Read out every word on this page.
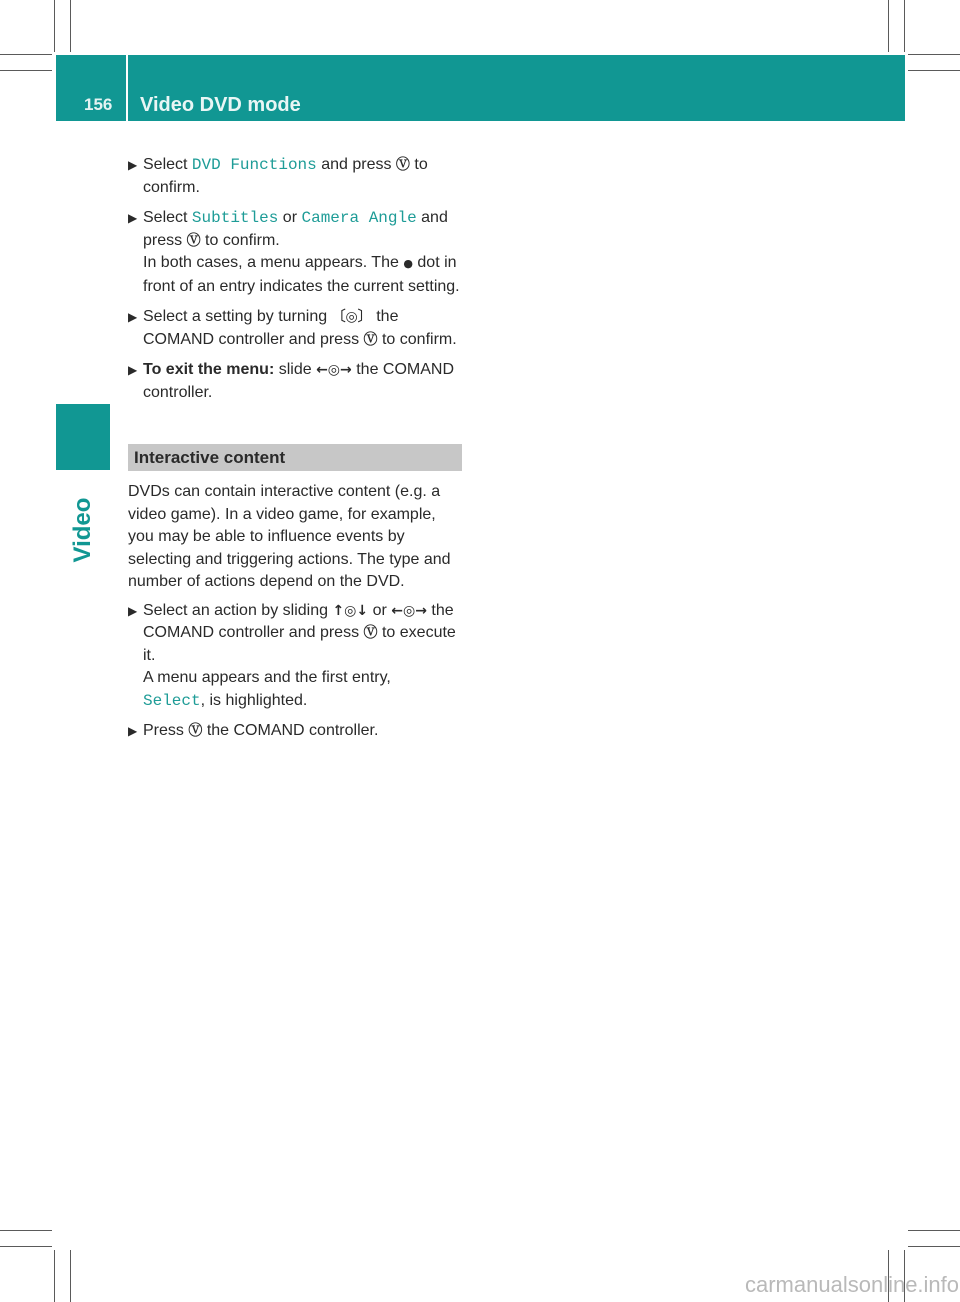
156	Video DVD mode
Video
▶ Select DVD Functions and press Ⓥ to confirm.
▶ Select Subtitles or Camera Angle and press Ⓥ to confirm.
In both cases, a menu appears. The ● dot in front of an entry indicates the current setting.
▶ Select a setting by turning 〔◎〕 the COMAND controller and press Ⓥ to confirm.
▶ To exit the menu: slide ←◎→ the COMAND controller.
Interactive content

DVDs can contain interactive content (e.g. a video game). In a video game, for example, you may be able to influence events by selecting and triggering actions. The type and number of actions depend on the DVD.

▶ Select an action by sliding ↑◎↓ or ←◎→ the COMAND controller and press Ⓥ to execute it.
A menu appears and the first entry,
Select, is highlighted.
▶ Press Ⓥ the COMAND controller.
carmanualsonline.info
